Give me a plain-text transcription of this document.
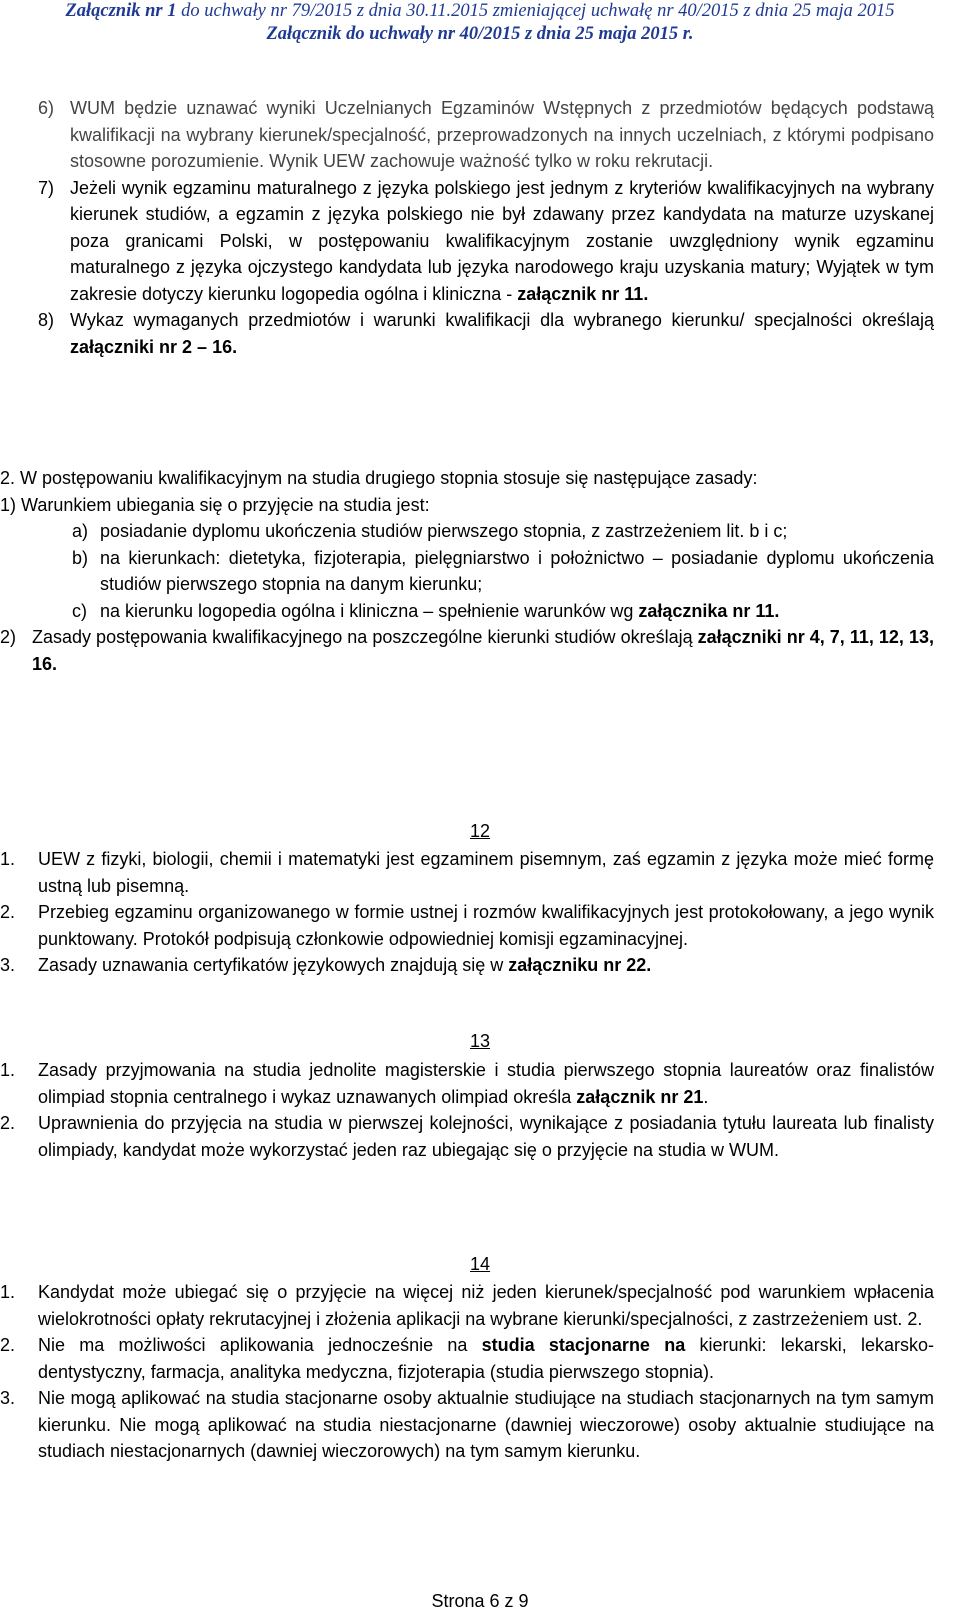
Załącznik nr 1 do uchwały nr 79/2015 z dnia 30.11.2015 zmieniającej uchwałę nr 40/2015 z dnia 25 maja 2015
Załącznik do uchwały nr 40/2015 z dnia 25 maja 2015 r.
6) WUM będzie uznawać wyniki Uczelnianych Egzaminów Wstępnych z przedmiotów będących podstawą kwalifikacji na wybrany kierunek/specjalność, przeprowadzonych na innych uczelniach, z którymi podpisano stosowne porozumienie. Wynik UEW zachowuje ważność tylko w roku rekrutacji.
7) Jeżeli wynik egzaminu maturalnego z języka polskiego jest jednym z kryteriów kwalifikacyjnych na wybrany kierunek studiów, a egzamin z języka polskiego nie był zdawany przez kandydata na maturze uzyskanej poza granicami Polski, w postępowaniu kwalifikacyjnym zostanie uwzględniony wynik egzaminu maturalnego z języka ojczystego kandydata lub języka narodowego kraju uzyskania matury; Wyjątek w tym zakresie dotyczy kierunku logopedia ogólna i kliniczna - załącznik nr 11.
8) Wykaz wymaganych przedmiotów i warunki kwalifikacji dla wybranego kierunku/ specjalności określają załączniki nr 2 – 16.
2. W postępowaniu kwalifikacyjnym na studia drugiego stopnia stosuje się następujące zasady:
1) Warunkiem ubiegania się o przyjęcie na studia jest:
a) posiadanie dyplomu ukończenia studiów pierwszego stopnia, z zastrzeżeniem lit. b i c;
b) na kierunkach: dietetyka, fizjoterapia, pielęgniarstwo i położnictwo – posiadanie dyplomu ukończenia studiów pierwszego stopnia na danym kierunku;
c) na kierunku logopedia ogólna i kliniczna – spełnienie warunków wg załącznika nr 11.
2) Zasady postępowania kwalifikacyjnego na poszczególne kierunki studiów określają załączniki nr 4, 7, 11, 12, 13, 16.
12
1. UEW z fizyki, biologii, chemii i matematyki jest egzaminem pisemnym, zaś egzamin z języka może mieć formę ustną lub pisemną.
2. Przebieg egzaminu organizowanego w formie ustnej i rozmów kwalifikacyjnych jest protokołowany, a jego wynik punktowany. Protokół podpisują członkowie odpowiedniej komisji egzaminacyjnej.
3. Zasady uznawania certyfikatów językowych znajdują się w załączniku nr 22.
13
1. Zasady przyjmowania na studia jednolite magisterskie i studia pierwszego stopnia laureatów oraz finalistów olimpiad stopnia centralnego i wykaz uznawanych olimpiad określa załącznik nr 21.
2. Uprawnienia do przyjęcia na studia w pierwszej kolejności, wynikające z posiadania tytułu laureata lub finalisty olimpiady, kandydat może wykorzystać jeden raz ubiegając się o przyjęcie na studia w WUM.
14
1. Kandydat może ubiegać się o przyjęcie na więcej niż jeden kierunek/specjalność pod warunkiem wpłacenia wielokrotności opłaty rekrutacyjnej i złożenia aplikacji na wybrane kierunki/specjalności, z zastrzeżeniem ust. 2.
2. Nie ma możliwości aplikowania jednocześnie na studia stacjonarne na kierunki: lekarski, lekarsko-dentystyczny, farmacja, analityka medyczna, fizjoterapia (studia pierwszego stopnia).
3. Nie mogą aplikować na studia stacjonarne osoby aktualnie studiujące na studiach stacjonarnych na tym samym kierunku. Nie mogą aplikować na studia niestacjonarne (dawniej wieczorowe) osoby aktualnie studiujące na studiach niestacjonarnych (dawniej wieczorowych) na tym samym kierunku.
Strona 6 z 9
